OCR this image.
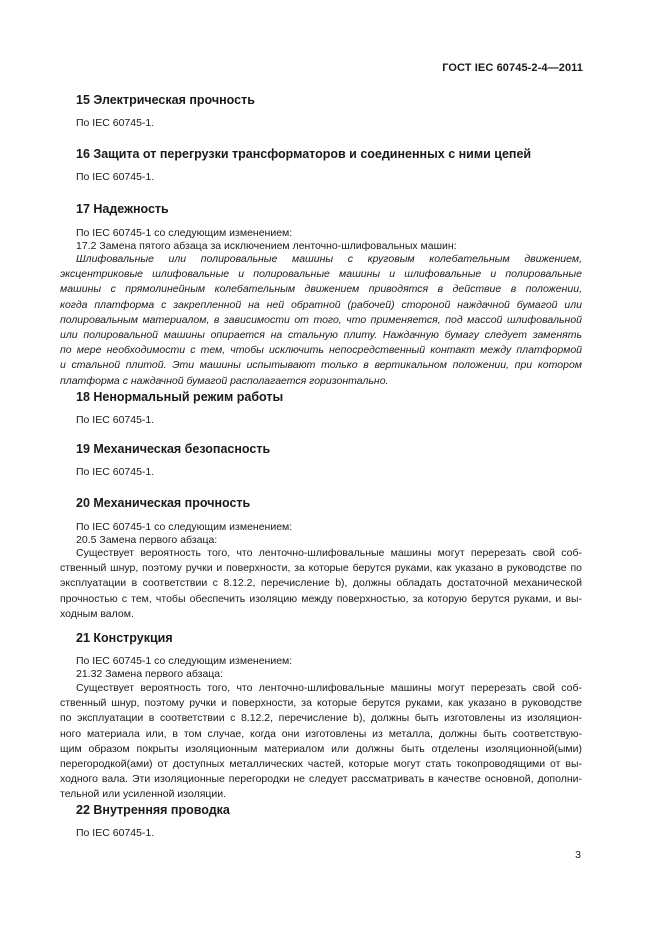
ГОСТ IEC 60745-2-4—2011
15 Электрическая прочность
По IEC 60745-1.
16 Защита от перегрузки трансформаторов и соединенных с ними цепей
По IEC 60745-1.
17 Надежность
По IEC 60745-1 со следующим изменением:
17.2 Замена пятого абзаца за исключением ленточно-шлифовальных машин:
Шлифовальные или полировальные машины с круговым колебательным движением,
эксцентриковые шлифовальные и полировальные машины и шлифовальные и полировальные
машины с прямолинейным колебательным движением приводятся в действие в положении,
когда платформа с закрепленной на ней обратной (рабочей) стороной наждачной бумагой или
полировальным материалом, в зависимости от того, что применяется, под массой шлифовальной
или полировальной машины опирается на стальную плиту. Наждачную бумагу следует заменять
по мере необходимости с тем, чтобы исключить непосредственный контакт между платформой
и стальной плитой. Эти машины испытывают только в вертикальном положении, при котором
платформа с наждачной бумагой располагается горизонтально.
18 Ненормальный режим работы
По IEC 60745-1.
19 Механическая безопасность
По IEC 60745-1.
20 Механическая прочность
По IEC 60745-1 со следующим изменением:
20.5 Замена первого абзаца:
Существует вероятность того, что ленточно-шлифовальные машины могут перерезать свой соб-
ственный шнур, поэтому ручки и поверхности, за которые берутся руками, как указано в руководстве по
эксплуатации в соответствии с 8.12.2, перечисление b), должны обладать достаточной механической
прочностью с тем, чтобы обеспечить изоляцию между поверхностью, за которую берутся руками, и вы-
ходным валом.
21 Конструкция
По IEC 60745-1 со следующим изменением:
21.32 Замена первого абзаца:
Существует вероятность того, что ленточно-шлифовальные машины могут перерезать свой соб-
ственный шнур, поэтому ручки и поверхности, за которые берутся руками, как указано в руководстве
по эксплуатации в соответствии с 8.12.2, перечисление b), должны быть изготовлены из изоляцион-
ного материала или, в том случае, когда они изготовлены из металла, должны быть соответствую-
щим образом покрыты изоляционным материалом или должны быть отделены изоляционной(ыми)
перегородкой(ами) от доступных металлических частей, которые могут стать токопроводящими от вы-
ходного вала. Эти изоляционные перегородки не следует рассматривать в качестве основной, дополни-
тельной или усиленной изоляции.
22 Внутренняя проводка
По IEC 60745-1.
3
